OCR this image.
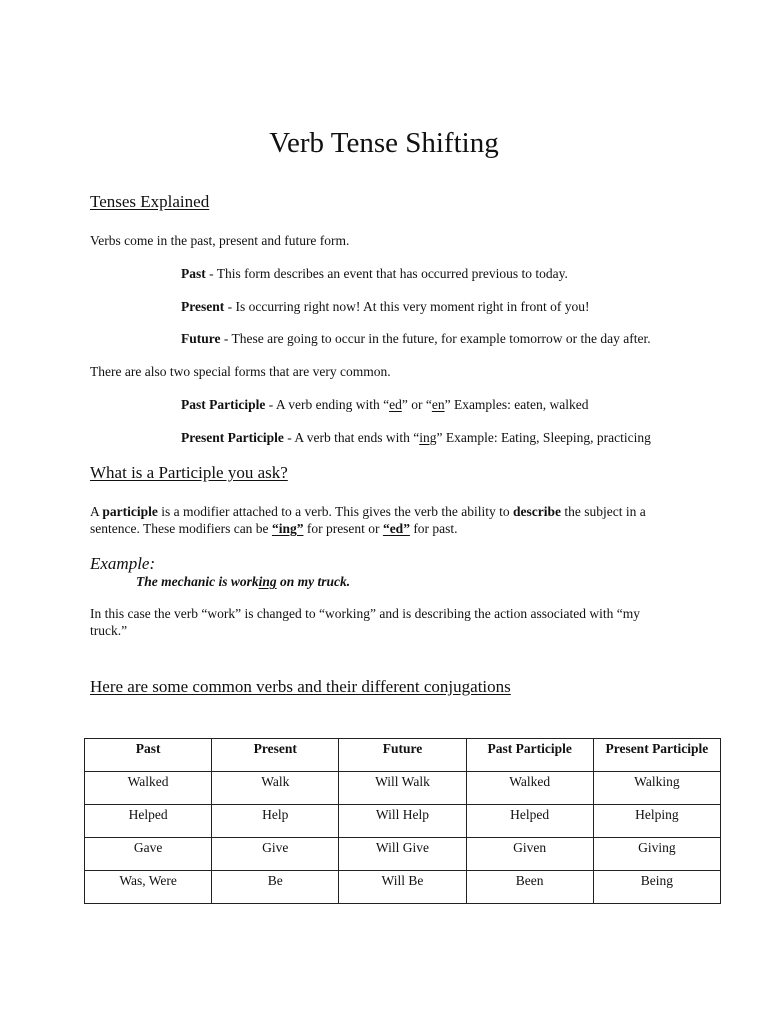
Verb Tense Shifting
Tenses Explained
Verbs come in the past, present and future form.
Past - This form describes an event that has occurred previous to today.
Present - Is occurring right now! At this very moment right in front of you!
Future - These are going to occur in the future, for example tomorrow or the day after.
There are also two special forms that are very common.
Past Participle - A verb ending with “ed” or “en” Examples: eaten, walked
Present Participle - A verb that ends with “ing” Example: Eating, Sleeping, practicing
What is a Participle you ask?
A participle is a modifier attached to a verb. This gives the verb the ability to describe the subject in a sentence. These modifiers can be “ing” for present or “ed” for past.
Example:
The mechanic is working on my truck.
In this case the verb “work” is changed to “working” and is describing the action associated with “my truck.”
Here are some common verbs and their different conjugations
Past	Present	Future	Past Participle	Present Participle
Walked	Walk	Will Walk	Walked	Walking
Helped	Help	Will Help	Helped	Helping
Gave	Give	Will Give	Given	Giving
Was, Were	Be	Will Be	Been	Being
